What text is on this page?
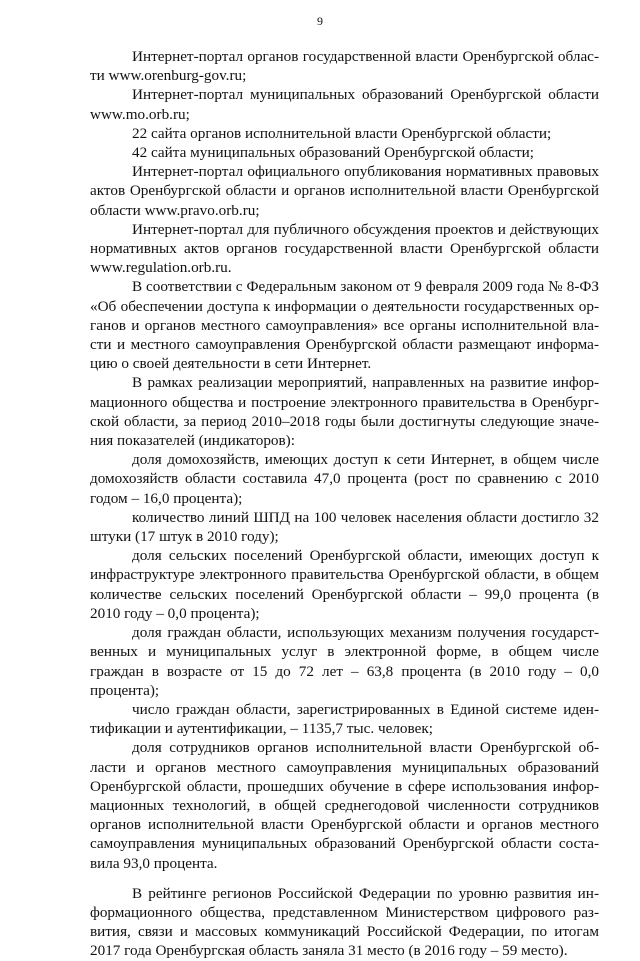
9

Интернет-портал органов государственной власти Оренбургской области www.orenburg-gov.ru;

Интернет-портал муниципальных образований Оренбургской области www.mo.orb.ru;

22 сайта органов исполнительной власти Оренбургской области;

42 сайта муниципальных образований Оренбургской области;

Интернет-портал официального опубликования нормативных правовых актов Оренбургской области и органов исполнительной власти Оренбургской области www.pravo.orb.ru;

Интернет-портал для публичного обсуждения проектов и действующих нормативных актов органов государственной власти Оренбургской области www.regulation.orb.ru.

В соответствии с Федеральным законом от 9 февраля 2009 года № 8-ФЗ «Об обеспечении доступа к информации о деятельности государственных органов и органов местного самоуправления» все органы исполнительной власти и местного самоуправления Оренбургской области размещают информацию о своей деятельности в сети Интернет.

В рамках реализации мероприятий, направленных на развитие информационного общества и построение электронного правительства в Оренбургской области, за период 2010–2018 годы были достигнуты следующие значения показателей (индикаторов):

доля домохозяйств, имеющих доступ к сети Интернет, в общем числе домохозяйств области составила 47,0 процента (рост по сравнению с 2010 годом – 16,0 процента);

количество линий ШПД на 100 человек населения области достигло 32 штуки (17 штук в 2010 году);

доля сельских поселений Оренбургской области, имеющих доступ к инфраструктуре электронного правительства Оренбургской области, в общем количестве сельских поселений Оренбургской области – 99,0 процента (в 2010 году – 0,0 процента);

доля граждан области, использующих механизм получения государственных и муниципальных услуг в электронной форме, в общем числе граждан в возрасте от 15 до 72 лет – 63,8 процента (в 2010 году – 0,0 процента);

число граждан области, зарегистрированных в Единой системе идентификации и аутентификации, – 1135,7 тыс. человек;

доля сотрудников органов исполнительной власти Оренбургской области и органов местного самоуправления муниципальных образований Оренбургской области, прошедших обучение в сфере использования информационных технологий, в общей среднегодовой численности сотрудников органов исполнительной власти Оренбургской области и органов местного самоуправления муниципальных образований Оренбургской области составила 93,0 процента.

В рейтинге регионов Российской Федерации по уровню развития информационного общества, представленном Министерством цифрового развития, связи и массовых коммуникаций Российской Федерации, по итогам 2017 года Оренбургская область заняла 31 место (в 2016 году – 59 место).
